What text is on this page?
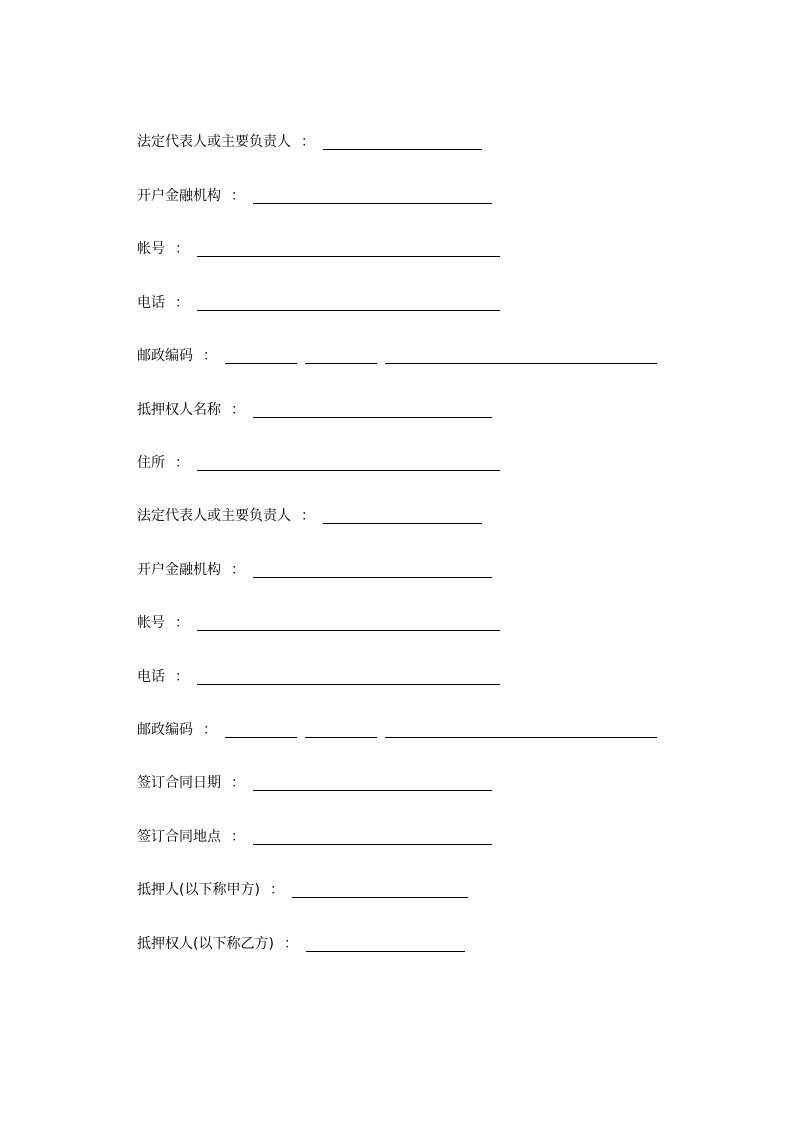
法定代表人或主要负责人 ：
开户金融机构 ：
帐号 ：
电话 ：
邮政编码 ：
抵押权人名称 ：
住所 ：
法定代表人或主要负责人 ：
开户金融机构 ：
帐号 ：
电话 ：
邮政编码 ：
签订合同日期 ：
签订合同地点 ：
抵押人(以下称甲方) ：
抵押权人(以下称乙方) ：
